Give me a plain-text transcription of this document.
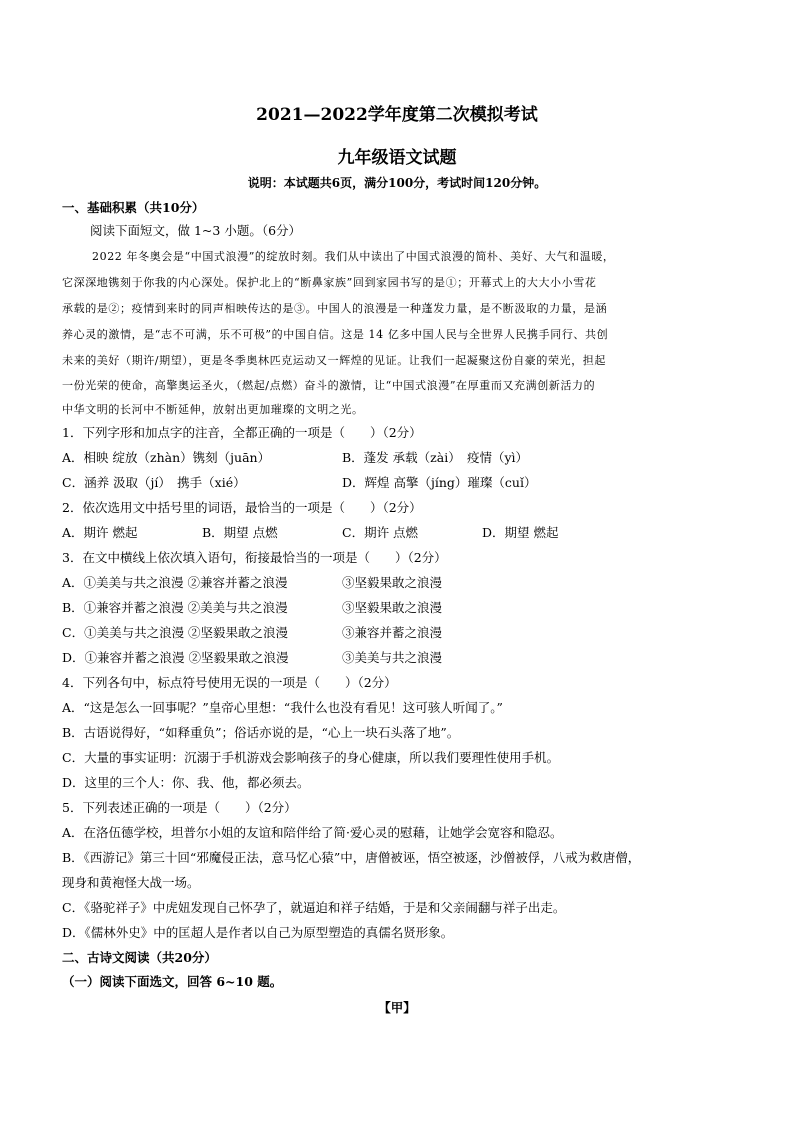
2021—2022学年度第二次模拟考试
九年级语文试题
说明：本试题共6页，满分100分，考试时间120分钟。
一、基础积累（共10分）
阅读下面短文，做 1~3 小题。（6分）
2022 年冬奥会是“中国式浪漫”的绽放时刻。我们从中读出了中国式浪漫的简朴、美好、大气和温暖，
它深深地镌刻于你我的内心深处。保护北上的“断鼻家族”回到家园书写的是①；开幕式上的大大小小雪花
承载的是②；疫情到来时的同声相映传达的是③。中国人的浪漫是一种蓬发力量，是不断汲取的力量，是涵
养心灵的激情，是“志不可满，乐不可极”的中国自信。这是 14 亿多中国人民与全世界人民携手同行、共创
未来的美好（期许/期望），更是冬季奥林匹克运动又一辉煌的见证。让我们一起凝聚这份自豪的荣光，担起
一份光荣的使命，高擎奥运圣火，（燃起/点燃）奋斗的激情，让“中国式浪漫”在厚重而又充满创新活力的
中华文明的长河中不断延伸，放射出更加璀璨的文明之光。
1．下列字形和加点字的注音，全都正确的一项是（　　）（2分）
A．相映 绽放（zhàn）镌刻（juān）	B．蓬发 承载（zài）　疫情（yì）
C．涵养 汲取（jí）　携手（xié）	D．辉煌 高擎（jíng）璀璨（cuǐ）
2．依次选用文中括号里的词语，最恰当的一项是（　　）（2分）
A．期许 燃起	B．期望 点燃	C．期许 点燃	D．期望 燃起
3．在文中横线上依次填入语句，衔接最恰当的一项是（　　）（2分）
A．①美美与共之浪漫 ②兼容并蓄之浪漫	③坚毅果敢之浪漫
B．①兼容并蓄之浪漫 ②美美与共之浪漫	③坚毅果敢之浪漫
C．①美美与共之浪漫 ②坚毅果敢之浪漫	③兼容并蓄之浪漫
D．①兼容并蓄之浪漫 ②坚毅果敢之浪漫	③美美与共之浪漫
4．下列各句中，标点符号使用无误的一项是（　　）（2分）
A．“这是怎么一回事呢？”皇帝心里想：“我什么也没有看见！这可骇人听闻了。”
B．古语说得好，“如释重负”；俗话亦说的是，“心上一块石头落了地”。
C．大量的事实证明：沉溺于手机游戏会影响孩子的身心健康，所以我们要理性使用手机。
D．这里的三个人：你、我、他，都必须去。
5．下列表述正确的一项是（　　）（2分）
A．在洛伍德学校，坦普尔小姐的友谊和陪伴给了简·爱心灵的慰藉，让她学会宽容和隐忍。
B．《西游记》第三十回“邪魔侵正法，意马忆心猿”中，唐僧被诬，悟空被逐，沙僧被俘，八戒为救唐僧，
现身和黄袍怪大战一场。
C．《骆驼祥子》中虎妞发现自己怀孕了，就逼迫和祥子结婚，于是和父亲闹翻与祥子出走。
D．《儒林外史》中的匡超人是作者以自己为原型塑造的真儒名贤形象。
二、古诗文阅读（共20分）
（一）阅读下面选文，回答 6~10 题。
【甲】
